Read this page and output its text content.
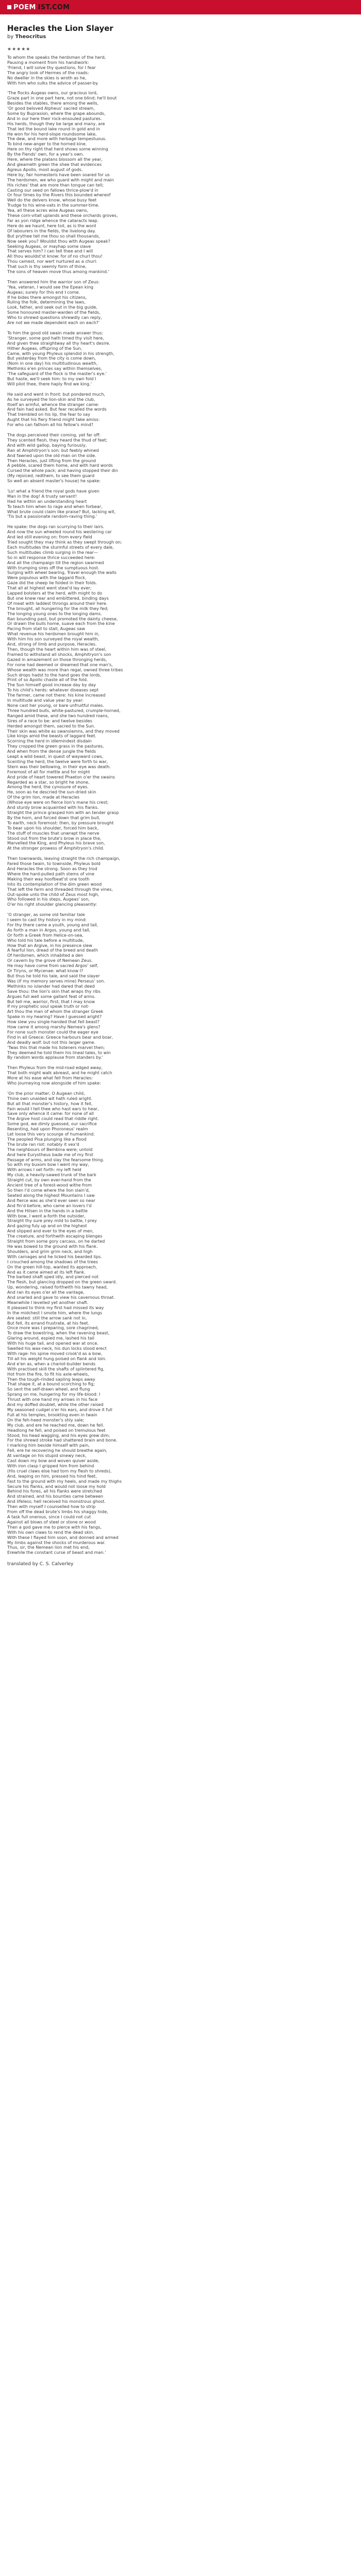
POEM IST.COM
Heracles the Lion Slayer
by Theocritus
★★★★★
To whom the speaks the herdsman of the herd,
Pausing a moment from his handiwork:
'Friend, I will solve thy questions, for I fear
The angry look of Hermes of the roads:
No dweller in the skies is wroth as he,
With him who sulks the advice of passer-by.
'The flocks Augeas owns, our gracious lord,
Graze part in one part here, not one blind; he'll bout
Besides the stables, there among the wells,
'Or good beloved Alpheus' sacred stream,
Some by Buprasion, where the grape abounds,
And in our here their rock-ensouled pastures.
His herds, though they be large and many, are
That led the bound lake round in gold and in
He won for his herd-slope roundsome lake,
The dew, and more with herbage tempestuous.
To bind new-anger to the horned kine.
Here on thy right that herd shows some winning
By the Fiends' own, for a year's own.
Here, where the platans blossom all the year,
And gleameth green the shee that evidences
Agreus Apollo, most august of gods.
Here by, fair homesteris have been soared for us
The herdsmen, we who guard with might and main
His riches' that are more than tongue can tell;
Casting our seed on fallows thrice-plow'd in
Or four times by the Rivers this bounded whereof
Well do the delvers know, whose busy feet
Trudge to his wine-vats in the summer-time.
Yea, all these acres wise Augeas owns,
These corn-vitall uplands and these orchards groves,
Far as yon ridge whence the cataracts leap.
Here do we haunt, here toil, as is the wont
Of labourers in the fields, the livelong day.
But prythee tell me thou so shall thousands,
Now seek you? Wouldst thou with Augeas speak?
Seeking Augeas, or mayhap some slave
That serves him? I can tell thee and I will
All thou wouldst'st know: for of no churl thou!
Thou camest, nor wert nurtured as a churl:
That such is thy seemly form of thine,
The sons of heaven move thus among mankind.'
Then answered him the warrior son of Zeus:
'Yea, veteran, I would see the Epean king
Augeas; surely for this end I come.
If he bides there amongst his citizens,
Ruling the folk, determining the laws,
Look, father, and seek out in the big guide,
Some honoured master-warden of the fields,
Who to shrewd questions shrewdly can reply,
Are not we made dependent each on each?'
To him the good old swain made answer thus:
'Stranger, some god hath timed thy visit here,
And given thee straightway all thy heart's desire.
Hither Augeas, offspring of the Sun,
Came, with young Phyleus splendid in his strength,
But yesterday from the city is come down,
(Nom in one day) his multitudinous wealth,
Methinks e'en princes say within themselves,
'The safeguard of the flock is the master's eye.'
But haste, we'll seek him: to my own fold I
Will pilot thee, there haply find we king.'
He said and went in front: but pondered much,
As he surveyed the lion-skin and the club,
Itself an armful, whence the stranger came:
And fain had asked. But fear recalled the words
That trembled on his lip, the fear to say
Aught that his fiery friend might take amiss:
For who can fathom all his fellow's mind?
The dogs perceived their coming, yet far off:
They scented flesh, they heard the thud of feet;
And with wild gallop, baying furiously,
Ran at Amphitryon's son: but feebly whined
And fawned upon the old man on the side.
Then Heracles, just lifting from the ground
A pebble, scared them home, and with hard words
Cursed the whole pack; and having stopped their din
(My rejoiced, redthem, to see them guard
So well an absent master's house) he spake:
'Lo! what a friend the royal gods have given
Man in the dog! A trusty servant!
Had he within an understanding heart
To teach him when to rage and when forbear,
What brute could claim like praise? But, lacking wit,
'Tis but a passionate random-raving thing.'
He spake: the dogs ran scurrying to their lairs.
And now the sun wheeled round his westering car
And led still evening on: from every field
Tried sought they may think as they swept through on;
Each multitudes the sturmful streets of every dale,
Such multitudes climb surging in the rear—
So in will response thrice succeeded here:
And all the champaign till the region swarmed
With trumping sires off the sumptuous host.
Surging with wheel bearing, Travel enough the walls
Were populous with the laggard flock,
Gaze did the sheep lie folded in their folds.
That all at highest went steal'd lay ever;
Lapped bolsters at the herd, with might to do
But one knew rear and embittered, binding days
Of meat with laddest throngs around their here.
The brought, all hungering for the milk they fed;
The longing young ones to the longing dams.
Ran bounding past, but promoted the dainty cheese,
Or drawn the bulls home, suave each from the kine
Pacing from stall to stall, Augeas saw
What revenue his herdsmen brought him in,
With him his son surveyed the royal wealth,
And, strong of limb and purpose, Heracles.
Then, though the heart within him was of steel,
Framed to withstand all shocks, Amphitryon's son
Gazed in amazement on those thronging herds,
For none had deemed or dreamed that one man's,
Whose wealth was more than regal, owned three tribes
Such drops hadst to the hand goes the lords,
Print of so Apollo chaste all of the fold.
The Sun himself good increase day by day
To his child's herds: whatever diseases sept
The farmer, came not there: his kine increased
In multitude and value year by year:
None cast her young, or bare unfruitful males.
Three hundred bulls, white-pastured, crumple-horned,
Ranged amid these, and she two hundred roans,
Sires of a race to be: and twelve besides
Herded amongst them, sacred to the Sun.
Their skin was white as swanslamns, and they moved
Like kings amid the beasts of laggard feet.
Scorning the herd in idlemindest disdain
They cropped the green grass in the pastures,
And when from the dense jungle the fields
Leapt a wild beast, in quest of wayward cows,
Scenting the herd, the twelve were forth to war,
Stern was their bellowing, in their eye was death.
Foremost of all for mettle and for might
And pride of heart towered Phaeton o'er the swains
Regarded as a star, so bright he shone,
Among the herd, the cynosure of eyes.
He, soon as he descried the sun-dried skin
Of the grim lion, made at Heracles
(Whose eye were on fierce lion's mane his crest;
And sturdy brow acquainted with his flanks.
Straight the prince grasped him with an tender grasp
By the horn, and forced down that grim bull,
To earth, neck foremost: then, by pressure brought
To bear upon his shoulder, forced him back,
The stuff of muscles that unwrapt the nerve
Stood out from the brute's brow in place the,
Marvelled the King, and Phyleus his brave son,
At the stronger prowess of Amphitryon's child.
Then townwards, leaving straight the rich champaign,
Fared those twain, to townside, Phyleus bold
And Heracles the strong. Soon as they trod
Where the hard-pulled path stems of vine
Making their way hoofbeat'st one tooth
Into its contemplation of the dim green wood
That left the farm and threaded through the vines,
Out-spoke unto the child of Zeus most high,
Who followed in his steps, Augeas' son,
O'er his right shoulder glancing pleasantly:
'O stranger, as some old familiar tale
I seem to cast thy history in my mind:
For thy there came a youth, young and tall,
As forth a man in Argos, young and tall,
Or forth a Greek from Helice-on-sea,
Who told his tale before a multitude,
How that an Argive, in his presence slew
A fearful lion, dread of the breed and death
Of herdsmen, which inhabited a den
Or cavern by the grove of Nemean Zeus.
He may have come from sacred Argos' self,
Or Tiryns, or Mycenae: what know I?
But thus he told his tale, and said the slayer
Was (if my memory serves mine) Perseus' son.
Methinks no islander had dared that deed
Save thou: the lion's skin that wraps thy ribs
Argues full well some gallant feat of arms.
But tell me, warrior, first, that I may know
If my prophetic soul speak truth or not-
Art thou the man of whom the stranger Greek
Spake in my hearing? Have I guessed aright?
How slew you single-handed that fell beast?
How came it among marshy Nemea's glens?
For none such monster could the eager eye
Find in all Greece: Greece harbours bear and boar,
And deadly wolf: but not this larger game.
'Twas this that made his listeners marvel then;
They deemed he told them his lineal tales, to win
By random words applause from standers by.'
Then Phyleus from the mid-road edged away,
That both might walk abreast, and he might catch
More at his ease what fell from Heracles:
Who journeying now alongside of him spake:
'On the prior matter, O Augean child,
Thine own unaided wit hath ruled aright.
But all that monster's history, how it fell,
Fain would I tell thee who hast ears to hear,
Save only whence it came: for none of all
The Argive host could read that riddle right.
Some god, we dimly guessed, our sacrifice
Resenting, had upon Phoroneus' realm
Let loose this very scourge of humankind.
The peopled Pisa plunging like a flood
The brute ran riot: notably it vex'd
The neighbours of Bembina were; untold
And here Eurystheus bade me of my first
Passage of arms, and slay the fearsome thing.
So with my buxom bow I went my way,
With arrows I set forth: my left held
My club, a heavily-sawed trunk of the bark
Straight cut, by own ever-hand from the
Ancient tree of a forest-wood withe from
So then I'd come where the lion slain'd,
Seated along the highest Mountains I saw
And fierce was as she'd ever seen so near
And fin'd before, who came an lovers I'd
And the Hilsen in the hands in a battle
With bow, I went a-forth the outsider,
Straight thy sure prey mild to battle, I prey
And gazing fuly up and on the highest
And slipped and ever to the eyes of men,
The creature, and forthwith escaping blenges
Straight from some gory carcass, on he darted
He was bowed to the ground with his flank.
Shoulders, and grim grim neck, and high
With carnages and he licked his bearded lips.
I crouched among the shadows of the trees
On the green hill-top, wanted its approach,
And as it came aimed at its left flank.
The barbed shaft sped idly, and pierced not
The flesh, but glancing dropped on the green sward.
Up, wondering, raised forthwith his tawny head,
And ran its eyes o'er all the vantage,
And snarled and gave to view his cavernous throat.
Meanwhile I levelled yet another shaft.
It pleased to think my first had missed its way
In the midchest I smote him, where the lungs
Are seated: still the arrow sank not in,
But fell, its errand frustrate, at his feet.
Once more was I preparing, sore chagrined,
To draw the bowstring, when the ravening beast,
Glaring around, espied me, lashed his tail
With his huge tail, and opened war at once.
Swelled his wax-neck, his dun locks stood erect
With rage: his spine moved crook'd as a bow,
Till all his weight hung poised on flank and loin.
And e'en as, when a chariot-builder bends
With practised skill the shafts of splintered fig,
Hot from the fire, to fit his axle-wheels,
Then the tough-rinded sapling leaps away
That shape it, at a bound scorching to fig;
So sent the self-drawn wheel, and flung
Sprang on me, hungering for my life-blood: I
Thrust with one hand my arrows in his face
And my doffed doublet, while the other raised
My seasoned cudgel o'er his ears, and drove it full
Full at his temples, brookting even in twain
On the feh-heed monster's shly sale;
My club, and ere he reached me, down he fell.
Headlong he fell, and poised on tremulous feet
Stood, his head wagging, and his eyes grew dim;
For the shrewd stroke had shattered brain and bone.
I marking him beside himself with pain,
Fell, ere he recovering he should breathe again,
At vantage on his stupid sinewy neck,
Cast down my bow and woven quiver aside,
With iron clasp I gripped him from behind
(His cruel claws else had torn my flesh to shreds),
And, leaping on him, pressed his hind feet,
Fast to the ground with my heels, and made my thighs
Secure his flanks, and would not loose my hold
Behind his fores, all his flanks were stretched
And strained, and his bounties came between
And lifeless; hell received his monstrous ghost.
Then with myself I counselled how to strip
From off the dead brute's limbs his shaggy hide,
A task full onerous, since I could not cut
Against all blows of steel or stone or wood
Then a god gave me to pierce with his fangs,
With his own claws to rend the dead skin.
With these I flayed him soon, and donned and armed
My limbs against the shocks of murderous war.
Thus, sir, the Nemean lion met his end,
Erewhile the constant curse of beast and man.'
translated by C. S. Calverley
